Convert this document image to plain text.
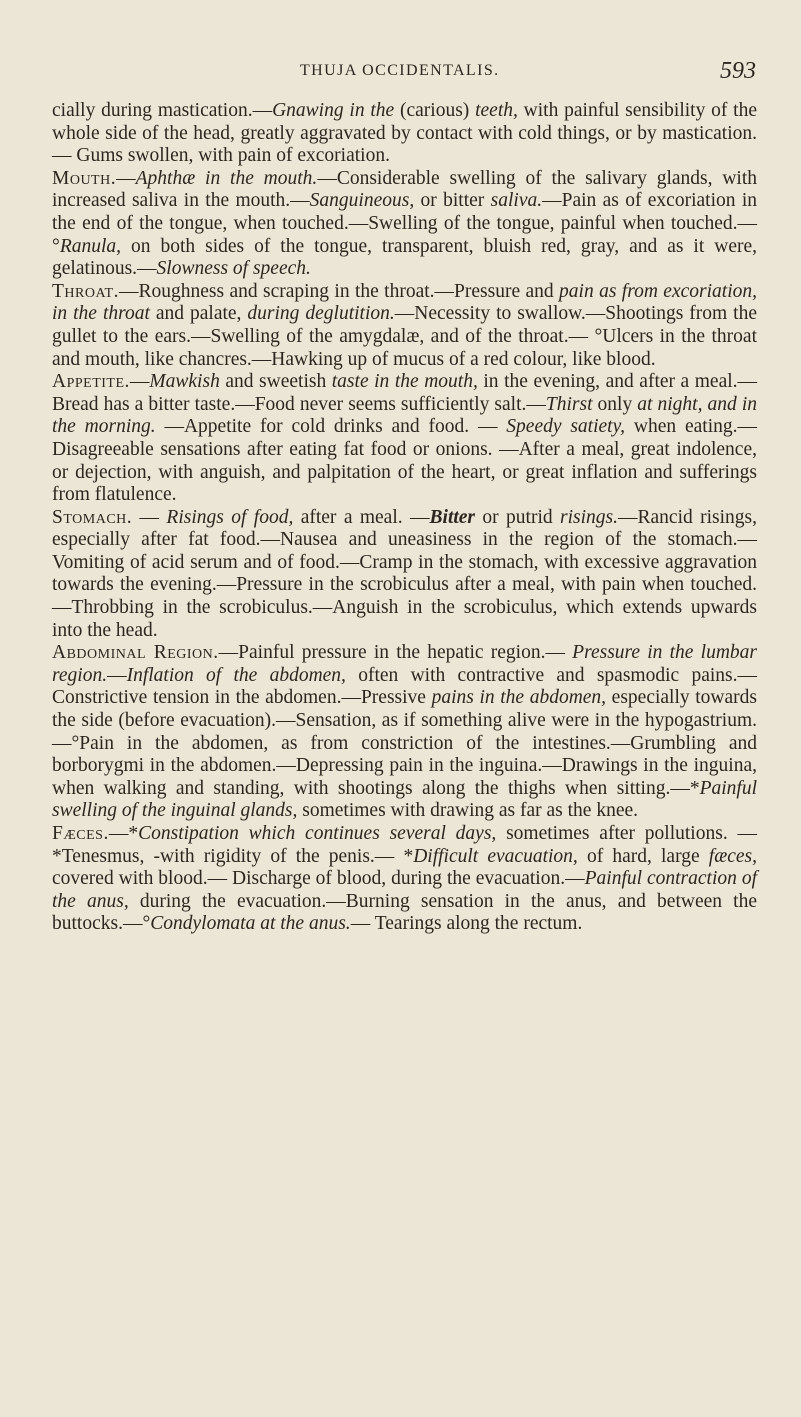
THUJA OCCIDENTALIS.	593

cially during mastication.—Gnawing in the (carious) teeth, with painful sensibility of the whole side of the head, greatly aggravated by contact with cold things, or by mastication. — Gums swollen, with pain of excoriation.

Mouth.—Aphthæ in the mouth.—Considerable swelling of the salivary glands, with increased saliva in the mouth.—Sanguineous, or bitter saliva.—Pain as of excoriation in the end of the tongue, when touched.—Swelling of the tongue, painful when touched.—°Ranula, on both sides of the tongue, transparent, bluish red, gray, and as it were, gelatinous.—Slowness of speech.

Throat.—Roughness and scraping in the throat.—Pressure and pain as from excoriation, in the throat and palate, during deglutition.—Necessity to swallow.—Shootings from the gullet to the ears.—Swelling of the amygdalæ, and of the throat.— °Ulcers in the throat and mouth, like chancres.—Hawking up of mucus of a red colour, like blood.

Appetite.—Mawkish and sweetish taste in the mouth, in the evening, and after a meal.—Bread has a bitter taste.—Food never seems sufficiently salt.—Thirst only at night, and in the morning. —Appetite for cold drinks and food. — Speedy satiety, when eating.—Disagreeable sensations after eating fat food or onions. —After a meal, great indolence, or dejection, with anguish, and palpitation of the heart, or great inflation and sufferings from flatulence.

Stomach. — Risings of food, after a meal. —Bitter or putrid risings.—Rancid risings, especially after fat food.—Nausea and uneasiness in the region of the stomach.—Vomiting of acid serum and of food.—Cramp in the stomach, with excessive aggravation towards the evening.—Pressure in the scrobiculus after a meal, with pain when touched.—Throbbing in the scrobiculus.—Anguish in the scrobiculus, which extends upwards into the head.

Abdominal Region.—Painful pressure in the hepatic region.— Pressure in the lumbar region.—Inflation of the abdomen, often with contractive and spasmodic pains.—Constrictive tension in the abdomen.—Pressive pains in the abdomen, especially towards the side (before evacuation).—Sensation, as if something alive were in the hypogastrium.—°Pain in the abdomen, as from constriction of the intestines.—Grumbling and borborygmi in the abdomen.—Depressing pain in the inguina.—Drawings in the inguina, when walking and standing, with shootings along the thighs when sitting.—*Painful swelling of the inguinal glands, sometimes with drawing as far as the knee.

Fæces.—*Constipation which continues several days, sometimes after pollutions. — *Tenesmus, -with rigidity of the penis.— *Difficult evacuation, of hard, large fæces, covered with blood.— Discharge of blood, during the evacuation.—Painful contraction of the anus, during the evacuation.—Burning sensation in the anus, and between the buttocks.—°Condylomata at the anus.— Tearings along the rectum.
